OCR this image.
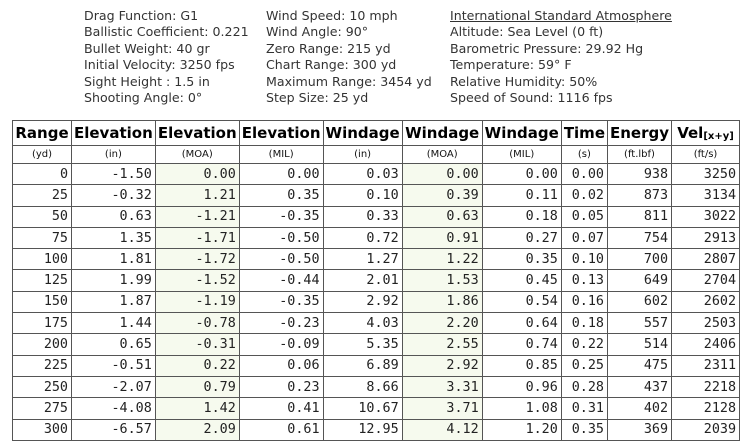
Drag Function: G1
Ballistic Coefficient: 0.221
Bullet Weight: 40 gr
Initial Velocity: 3250 fps
Sight Height : 1.5 in
Shooting Angle: 0°
Wind Speed: 10 mph
Wind Angle: 90°
Zero Range: 215 yd
Chart Range: 300 yd
Maximum Range: 3454 yd
Step Size: 25 yd
International Standard Atmosphere
Altitude: Sea Level (0 ft)
Barometric Pressure: 29.92 Hg
Temperature: 59° F
Relative Humidity: 50%
Speed of Sound: 1116 fps
Range	Elevation	Elevation	Elevation	Windage	Windage	Windage	Time	Energy	Vel[x+y]
(yd)	(in)	(MOA)	(MIL)	(in)	(MOA)	(MIL)	(s)	(ft.lbf)	(ft/s)
0	-1.50	0.00	0.00	0.03	0.00	0.00	0.00	938	3250
25	-0.32	1.21	0.35	0.10	0.39	0.11	0.02	873	3134
50	0.63	-1.21	-0.35	0.33	0.63	0.18	0.05	811	3022
75	1.35	-1.71	-0.50	0.72	0.91	0.27	0.07	754	2913
100	1.81	-1.72	-0.50	1.27	1.22	0.35	0.10	700	2807
125	1.99	-1.52	-0.44	2.01	1.53	0.45	0.13	649	2704
150	1.87	-1.19	-0.35	2.92	1.86	0.54	0.16	602	2602
175	1.44	-0.78	-0.23	4.03	2.20	0.64	0.18	557	2503
200	0.65	-0.31	-0.09	5.35	2.55	0.74	0.22	514	2406
225	-0.51	0.22	0.06	6.89	2.92	0.85	0.25	475	2311
250	-2.07	0.79	0.23	8.66	3.31	0.96	0.28	437	2218
275	-4.08	1.42	0.41	10.67	3.71	1.08	0.31	402	2128
300	-6.57	2.09	0.61	12.95	4.12	1.20	0.35	369	2039
